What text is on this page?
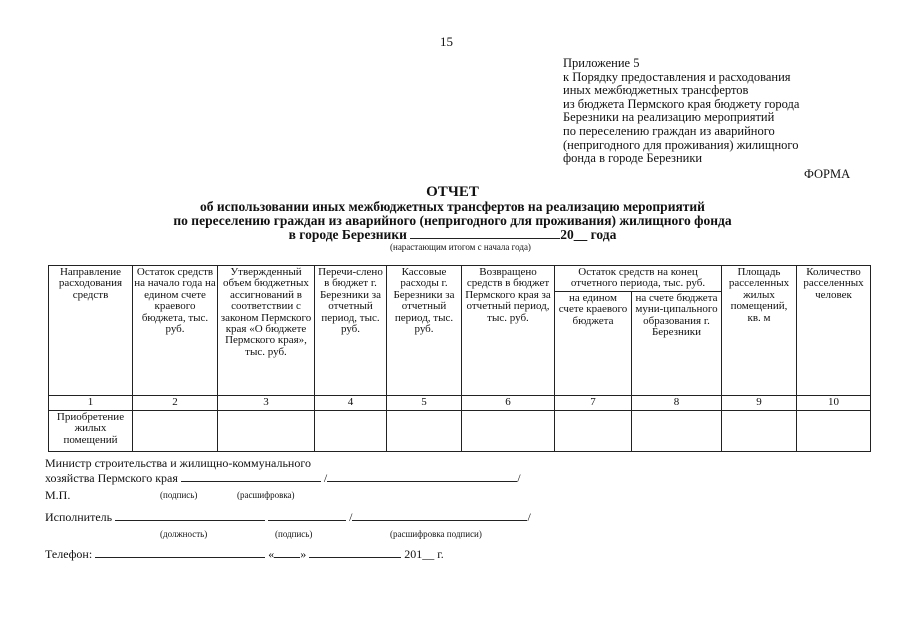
15
Приложение 5
к Порядку предоставления и расходования
иных межбюджетных трансфертов
из бюджета Пермского края бюджету города
Березники на реализацию мероприятий
по переселению граждан из аварийного
(непригодного для проживания) жилищного
фонда в городе Березники
ФОРМА
ОТЧЕТ
об использовании иных межбюджетных трансфертов на реализацию мероприятий
по переселению граждан из аварийного (непригодного для проживания) жилищного фонда
в городе Березники	20__ года
(нарастающим итогом с начала года)
Направление расходования средств	Остаток средств на начало года на едином счете краевого бюджета, тыс. руб.	Утвержденный объем бюджетных ассигнований в соответствии с законом Пермского края «О бюджете Пермского края», тыс. руб.	Перечи-слено в бюджет г. Березники за отчетный период, тыс. руб.	Кассовые расходы г. Березники за отчетный период, тыс. руб.	Возвращено средств в бюджет Пермского края за отчетный период, тыс. руб.	Остаток средств на конец отчетного периода, тыс. руб.		Площадь расселенных жилых помещений, кв. м	Количество расселенных человек
						на едином счете краевого бюджета	на счете бюджета муни-ципального образования г. Березники		
1	2	3	4	5	6	7	8	9	10
Приобретение жилых помещений									
Министр строительства и жилищно-коммунального
хозяйства Пермского края	/	/
М.П.	(подпись)	(расшифровка)
Исполнитель	/	/
(должность)	(подпись)	(расшифровка подписи)
Телефон:	« »	201__ г.
